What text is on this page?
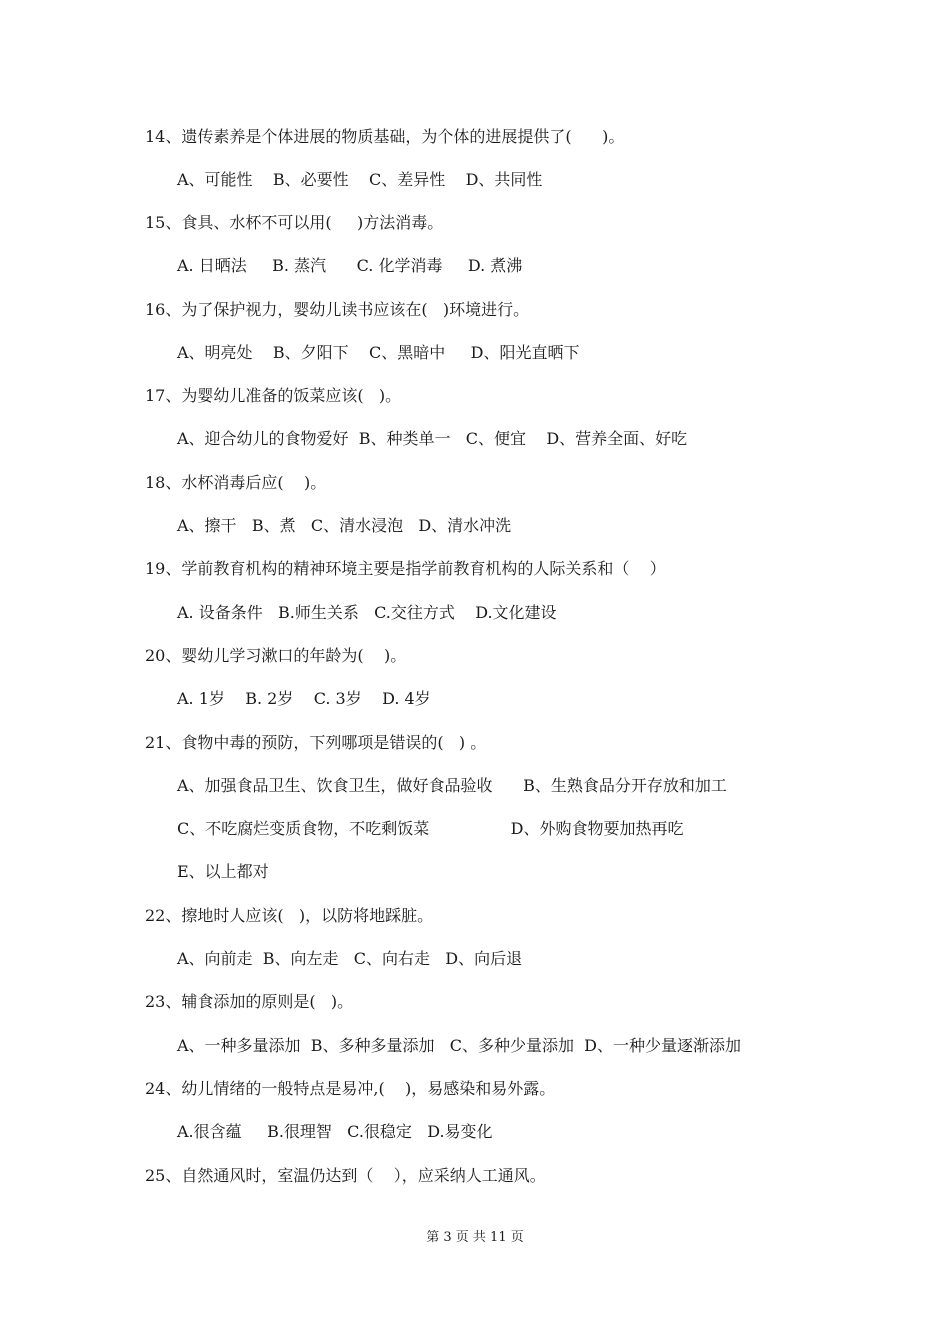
14、遗传素养是个体进展的物质基础，为个体的进展提供了(      )。
A、可能性    B、必要性    C、差异性    D、共同性
15、食具、水杯不可以用(     )方法消毒。
A. 日晒法     B. 蒸汽      C. 化学消毒     D. 煮沸
16、为了保护视力，婴幼儿读书应该在(   )环境进行。
A、明亮处    B、夕阳下    C、黑暗中     D、阳光直晒下
17、为婴幼儿准备的饭菜应该(   )。
A、迎合幼儿的食物爱好  B、种类单一   C、便宜    D、营养全面、好吃
18、水杯消毒后应(    )。
A、擦干   B、煮   C、清水浸泡   D、清水冲洗
19、学前教育机构的精神环境主要是指学前教育机构的人际关系和（    ）
A. 设备条件   B.师生关系   C.交往方式    D.文化建设
20、婴幼儿学习漱口的年龄为(    )。
A. 1岁    B. 2岁    C. 3岁    D. 4岁
21、食物中毒的预防，下列哪项是错误的(   ) 。
A、加强食品卫生、饮食卫生，做好食品验收      B、生熟食品分开存放和加工
C、不吃腐烂变质食物，不吃剩饭菜                D、外购食物要加热再吃
E、以上都对
22、擦地时人应该(   )，以防将地踩脏。
A、向前走  B、向左走   C、向右走   D、向后退
23、辅食添加的原则是(   )。
A、一种多量添加  B、多种多量添加   C、多种少量添加  D、一种少量逐渐添加
24、幼儿情绪的一般特点是易冲,(    )，易感染和易外露。
A.很含蕴     B.很理智   C.很稳定   D.易变化
25、自然通风时，室温仍达到（    ），应采纳人工通风。
第 3 页 共 11 页
